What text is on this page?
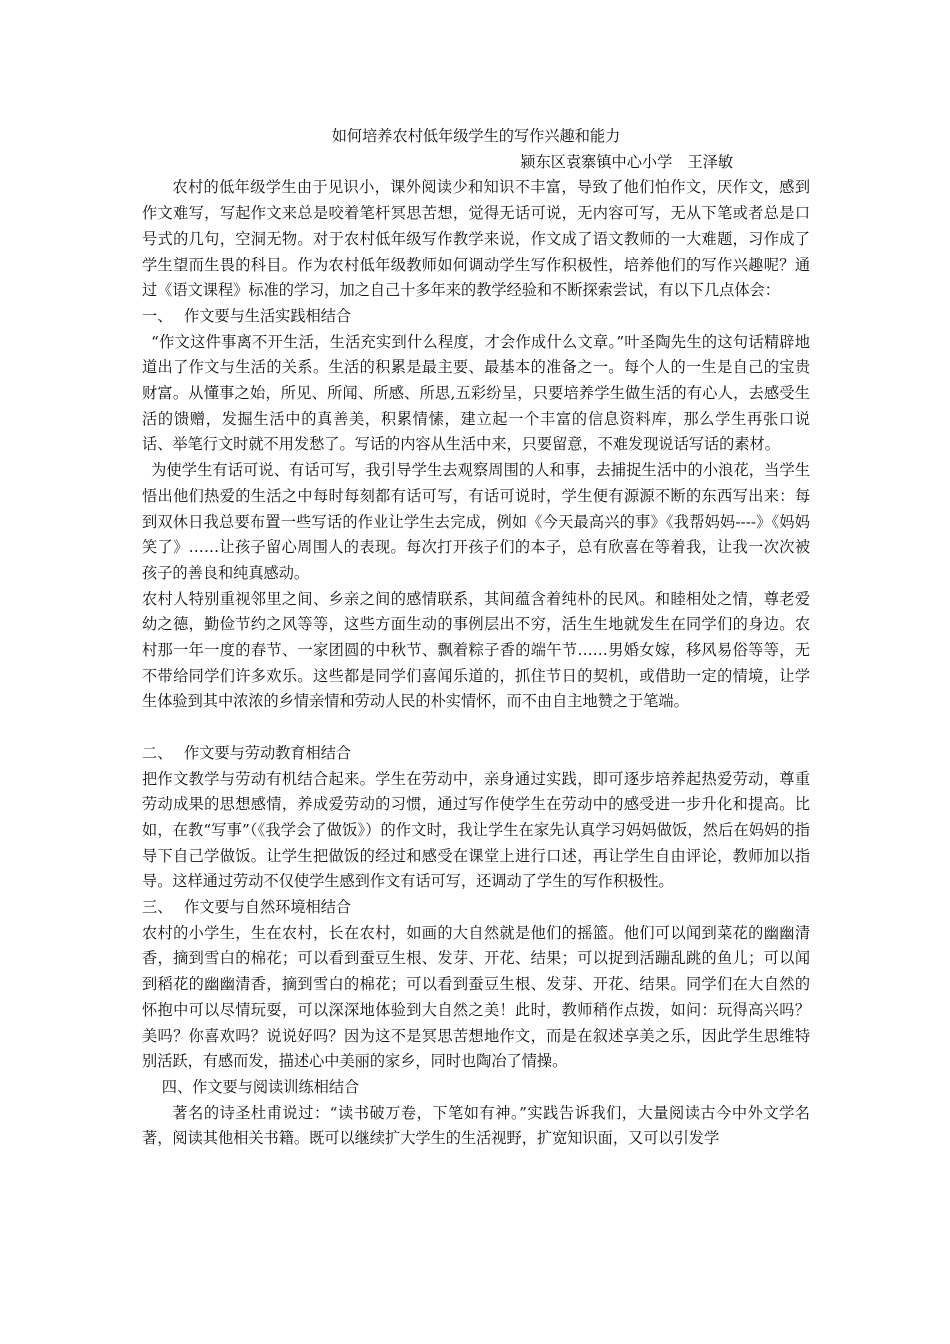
如何培养农村低年级学生的写作兴趣和能力

颍东区袁寨镇中心小学　王泽敏

农村的低年级学生由于见识小，课外阅读少和知识不丰富，导致了他们怕作文，厌作文，感到作文难写，写起作文来总是咬着笔杆冥思苦想，觉得无话可说，无内容可写，无从下笔或者总是口号式的几句，空洞无物。对于农村低年级写作教学来说，作文成了语文教师的一大难题，习作成了学生望而生畏的科目。作为农村低年级教师如何调动学生写作积极性，培养他们的写作兴趣呢？通过《语文课程》标准的学习，加之自己十多年来的教学经验和不断探索尝试，有以下几点体会：

一、 作文要与生活实践相结合

“作文这件事离不开生活，生活充实到什么程度，才会作成什么文章。”叶圣陶先生的这句话精辟地道出了作文与生活的关系。生活的积累是最主要、最基本的准备之一。每个人的一生是自己的宝贵财富。从懂事之始，所见、所闻、所感、所思,五彩纷呈，只要培养学生做生活的有心人，去感受生活的馈赠，发掘生活中的真善美，积累情愫，建立起一个丰富的信息资料库，那么学生再张口说话、举笔行文时就不用发愁了。写话的内容从生活中来，只要留意，不难发现说话写话的素材。

为使学生有话可说、有话可写，我引导学生去观察周围的人和事，去捕捉生活中的小浪花，当学生悟出他们热爱的生活之中每时每刻都有话可写，有话可说时，学生便有源源不断的东西写出来：每到双休日我总要布置一些写话的作业让学生去完成，例如《今天最高兴的事》《我帮妈妈----》《妈妈笑了》……让孩子留心周围人的表现。每次打开孩子们的本子，总有欣喜在等着我，让我一次次被孩子的善良和纯真感动。

农村人特别重视邻里之间、乡亲之间的感情联系，其间蕴含着纯朴的民风。和睦相处之情，尊老爱幼之德，勤俭节约之风等等，这些方面生动的事例层出不穷，活生生地就发生在同学们的身边。农村那一年一度的春节、一家团圆的中秋节、飘着粽子香的端午节……男婚女嫁，移风易俗等等，无不带给同学们许多欢乐。这些都是同学们喜闻乐道的，抓住节日的契机，或借助一定的情境，让学生体验到其中浓浓的乡情亲情和劳动人民的朴实情怀，而不由自主地赞之于笔端。

二、 作文要与劳动教育相结合

把作文教学与劳动有机结合起来。学生在劳动中，亲身通过实践，即可逐步培养起热爱劳动，尊重劳动成果的思想感情，养成爱劳动的习惯，通过写作使学生在劳动中的感受进一步升化和提高。比如，在教“写事”（《我学会了做饭》）的作文时，我让学生在家先认真学习妈妈做饭，然后在妈妈的指导下自己学做饭。让学生把做饭的经过和感受在课堂上进行口述，再让学生自由评论，教师加以指导。这样通过劳动不仅使学生感到作文有话可写，还调动了学生的写作积极性。

三、 作文要与自然环境相结合

农村的小学生，生在农村，长在农村，如画的大自然就是他们的摇篮。他们可以闻到菜花的幽幽清香，摘到雪白的棉花；可以看到蚕豆生根、发芽、开花、结果；可以捉到活蹦乱跳的鱼儿；可以闻到稻花的幽幽清香，摘到雪白的棉花；可以看到蚕豆生根、发芽、开花、结果。同学们在大自然的怀抱中可以尽情玩耍，可以深深地体验到大自然之美！此时，教师稍作点拨，如问：玩得高兴吗？美吗？你喜欢吗？说说好吗？因为这不是冥思苦想地作文，而是在叙述享美之乐，因此学生思维特别活跃，有感而发，描述心中美丽的家乡，同时也陶冶了情操。

四、作文要与阅读训练相结合

著名的诗圣杜甫说过：“读书破万卷，下笔如有神。”实践告诉我们，大量阅读古今中外文学名著，阅读其他相关书籍。既可以继续扩大学生的生活视野，扩宽知识面，又可以引发学
